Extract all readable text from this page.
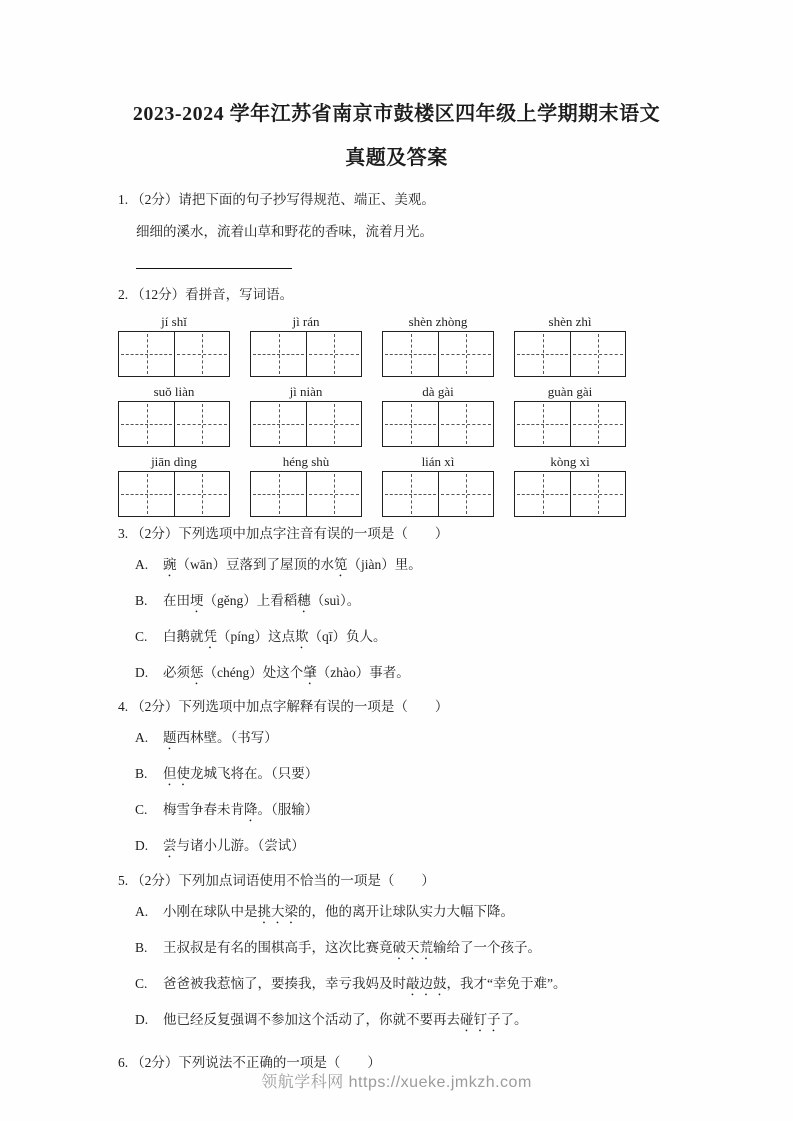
2023-2024 学年江苏省南京市鼓楼区四年级上学期期末语文
真题及答案

1. （2分）请把下面的句子抄写得规范、端正、美观。

细细的溪水，流着山草和野花的香味，流着月光。

2. （12分）看拼音，写词语。

jí shǐ	jì rán	shèn zhòng	shèn zhì
suǒ liàn	jì niàn	dà gài	guàn gài
jiān dìng	héng shù	lián xì	kòng xì

3. （2分）下列选项中加点字注音有误的一项是（　　）

A.	豌（wān）豆落到了屋顶的水笕（jiàn）里。
B.	在田埂（gěng）上看稻穗（suì）。
C.	白鹅就凭（píng）这点欺（qī）负人。
D.	必须惩（chéng）处这个肇（zhào）事者。

4. （2分）下列选项中加点字解释有误的一项是（　　）

A.	题西林壁。（书写）
B.	但使龙城飞将在。（只要）
C.	梅雪争春未肯降。（服输）
D.	尝与诸小儿游。（尝试）

5. （2分）下列加点词语使用不恰当的一项是（　　）

A.	小刚在球队中是挑大梁的，他的离开让球队实力大幅下降。
B.	王叔叔是有名的围棋高手，这次比赛竟破天荒输给了一个孩子。
C.	爸爸被我惹恼了，要揍我，幸亏我妈及时敲边鼓，我才“幸免于难”。
D.	他已经反复强调不参加这个活动了，你就不要再去碰钉子了。

6. （2分）下列说法不正确的一项是（　　）

领航学科网 https://xueke.jmkzh.com
